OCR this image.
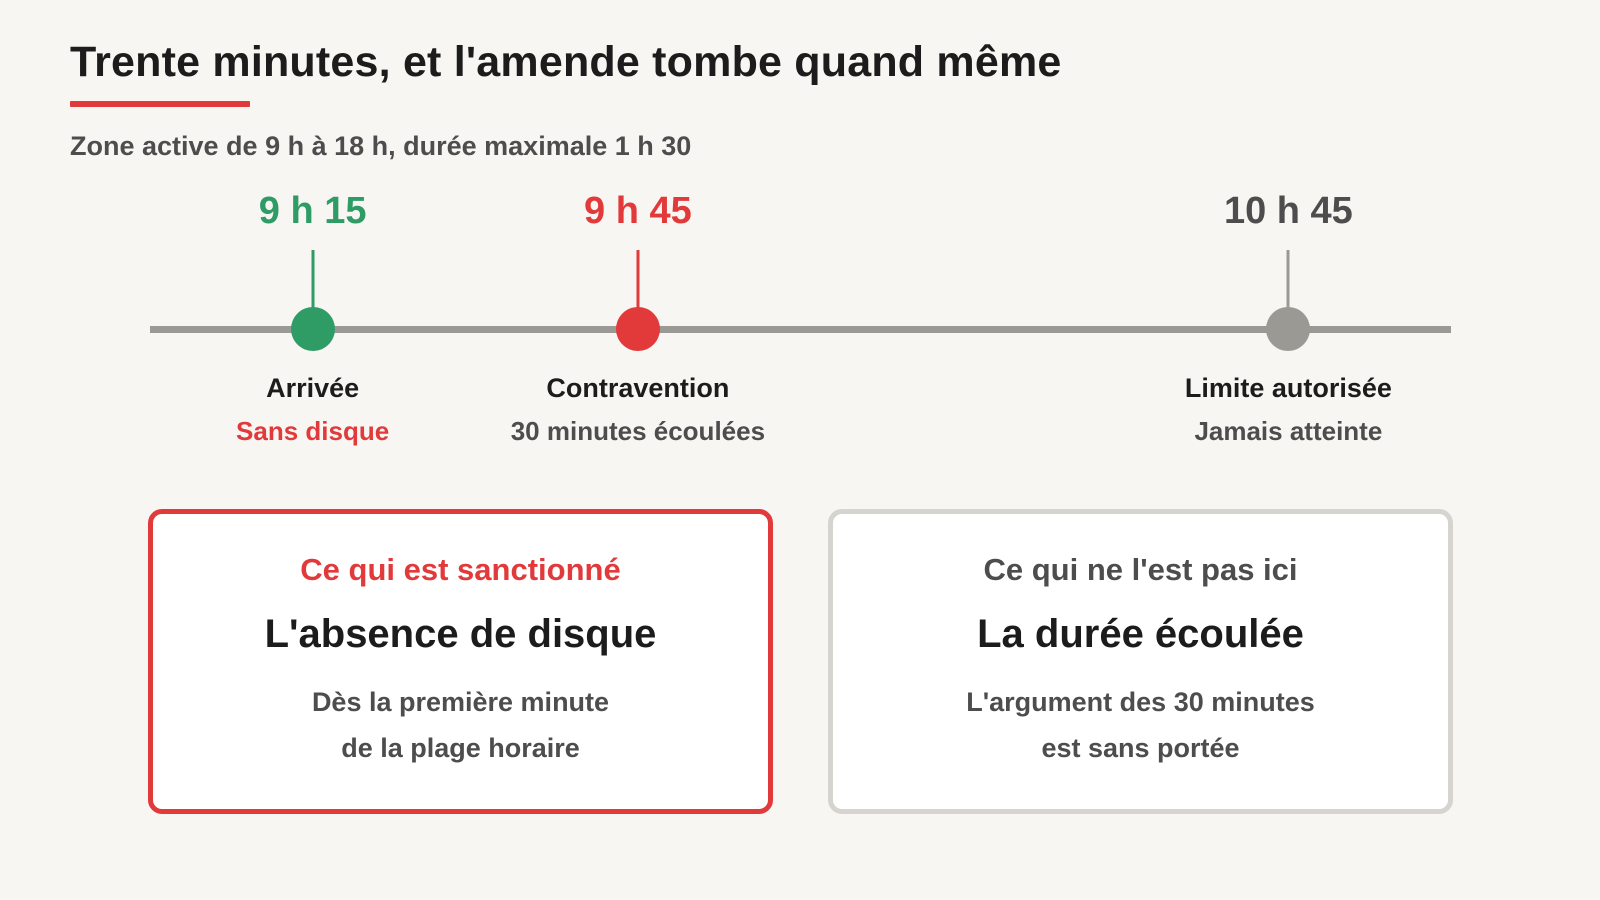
Trente minutes, et l'amende tombe quand même
Zone active de 9 h à 18 h, durée maximale 1 h 30
9 h 15
Arrivée
Sans disque
9 h 45
Contravention
30 minutes écoulées
10 h 45
Limite autorisée
Jamais atteinte
Ce qui est sanctionné
L'absence de disque
Dès la première minute
de la plage horaire
Ce qui ne l'est pas ici
La durée écoulée
L'argument des 30 minutes
est sans portée
